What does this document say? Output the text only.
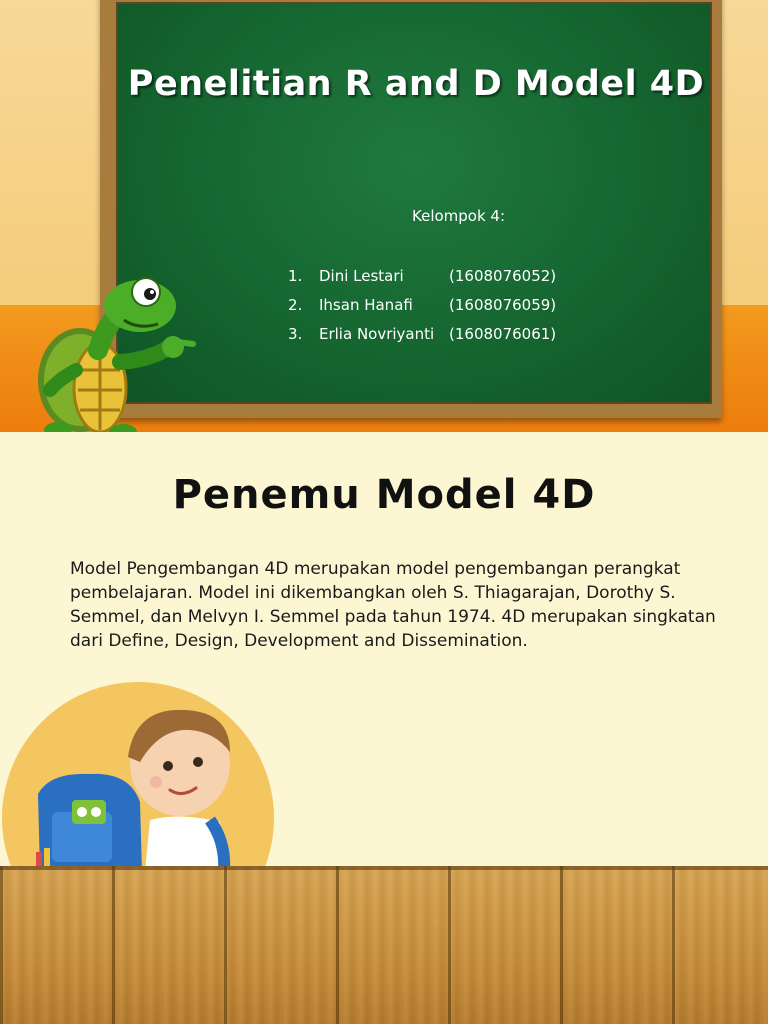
Penelitian R and D Model 4D
Kelompok 4:
1. Dini Lestari	(1608076052)
2. Ihsan Hanafi (1608076059)
3. Erlia Novriyanti (1608076061)
Penemu Model 4D

Model Pengembangan 4D merupakan model pengembangan perangkat pembelajaran. Model ini dikembangkan oleh S. Thiagarajan, Dorothy S. Semmel, dan Melvyn I. Semmel pada tahun 1974. 4D merupakan singkatan dari Define, Design, Development and Dissemination.
